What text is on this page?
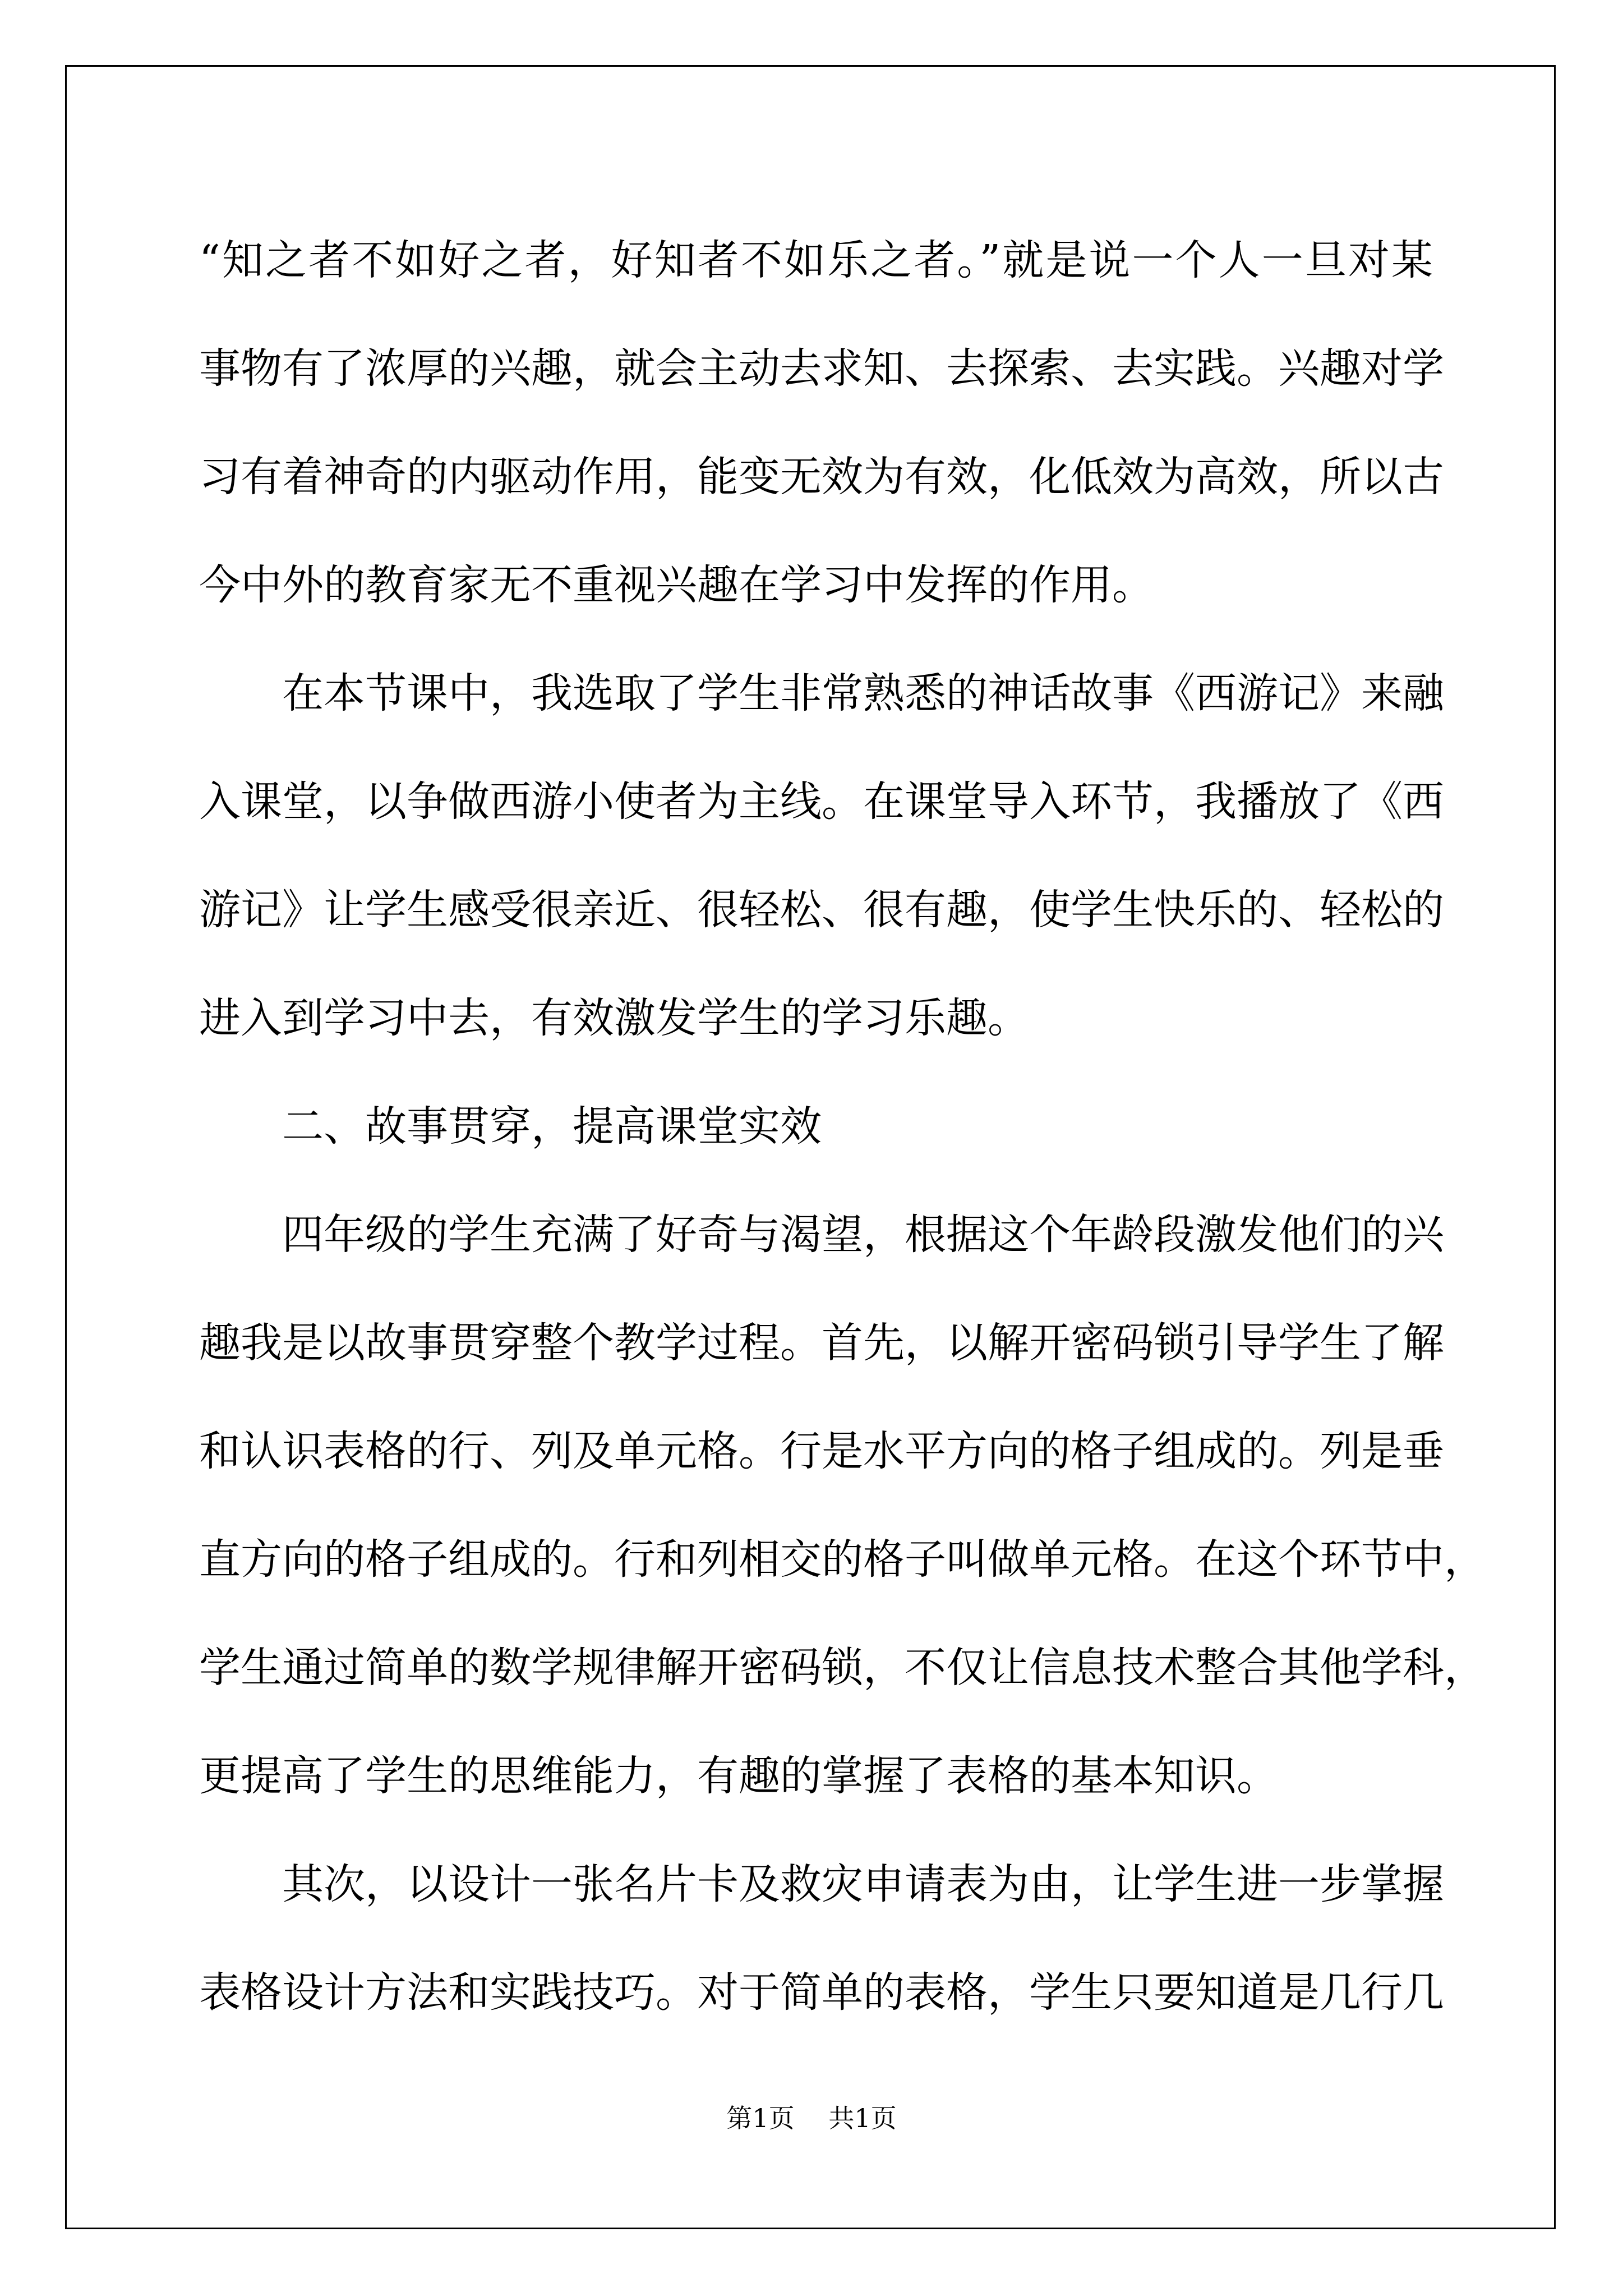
“知之者不如好之者，好知者不如乐之者。”就是说一个人一旦对某
事物有了浓厚的兴趣，就会主动去求知、去探索、去实践。兴趣对学
习有着神奇的内驱动作用，能变无效为有效，化低效为高效，所以古
今中外的教育家无不重视兴趣在学习中发挥的作用。
在本节课中，我选取了学生非常熟悉的神话故事《西游记》来融
入课堂，以争做西游小使者为主线。在课堂导入环节，我播放了《西
游记》让学生感受很亲近、很轻松、很有趣，使学生快乐的、轻松的
进入到学习中去，有效激发学生的学习乐趣。
二、故事贯穿，提高课堂实效
四年级的学生充满了好奇与渴望，根据这个年龄段激发他们的兴
趣我是以故事贯穿整个教学过程。首先，以解开密码锁引导学生了解
和认识表格的行、列及单元格。行是水平方向的格子组成的。列是垂
直方向的格子组成的。行和列相交的格子叫做单元格。在这个环节中，
学生通过简单的数学规律解开密码锁，不仅让信息技术整合其他学科，
更提高了学生的思维能力，有趣的掌握了表格的基本知识。
其次，以设计一张名片卡及救灾申请表为由，让学生进一步掌握
表格设计方法和实践技巧。对于简单的表格，学生只要知道是几行几
第1页 共1页
